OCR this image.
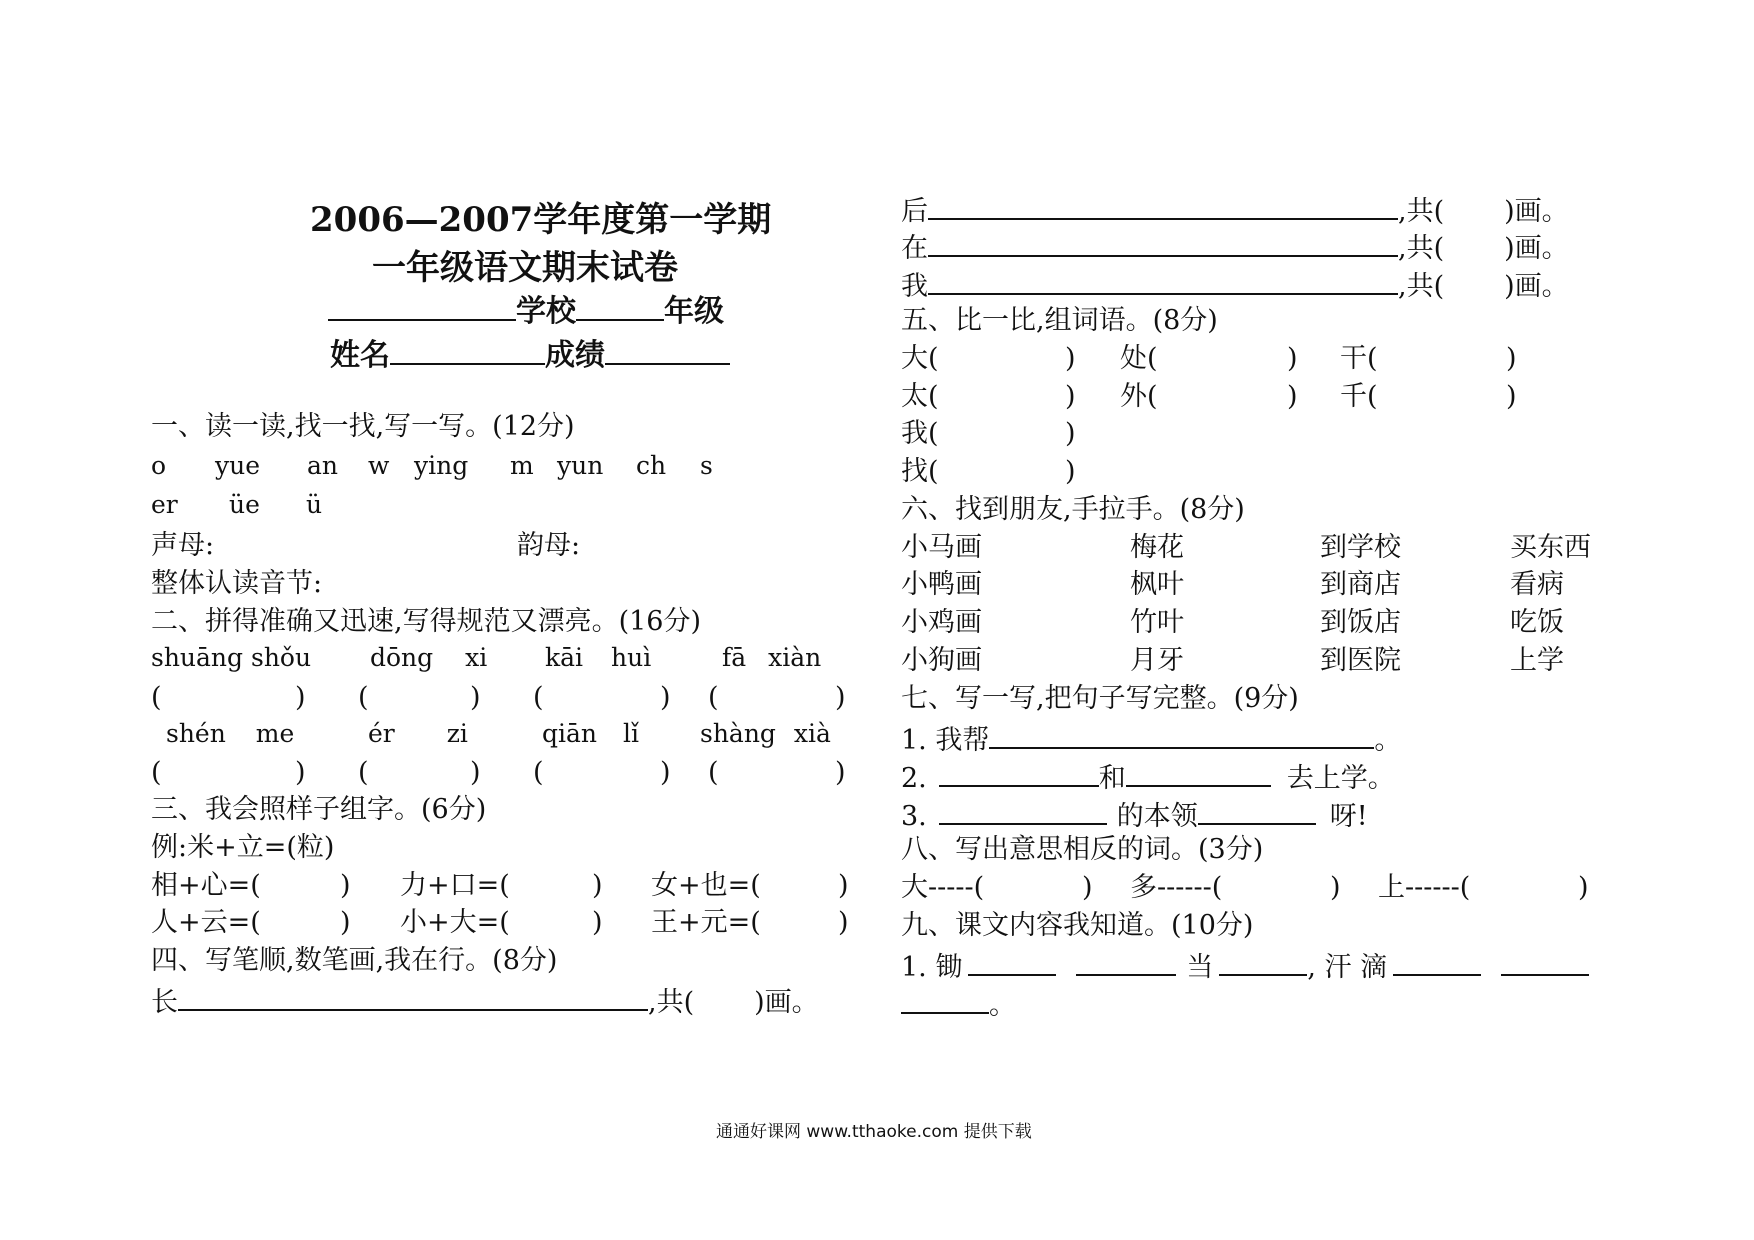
2006—2007学年度第一学期
一年级语文期末试卷
学校	年级
姓名	成绩
一、读一读,找一找,写一写。(12分)
o yue an w ying m yun ch s
er üe ü
声母:	韵母:
整体认读音节:
二、拼得准确又迅速,写得规范又漂亮。(16分)
shuāng shǒu dōng xi kāi huì	fā xiàn
(	) (	) (	) (	)
shén me	ér zi	qiān lǐ shàng xià
(	) (	) (	) (	)
三、我会照样子组字。(6分)
例:米+立=(粒)
相+心=(	) 力+口=(	) 女+也=(	)
人+云=(	) 小+大=(	) 王+元=(	)
四、写笔顺,数笔画,我在行。(8分)
长	,共( )画。
后	,共( )画。
在	,共( )画。
我	,共( )画。
五、比一比,组词语。(8分)
大(	) 处(	) 干(	)
太(	) 外(	) 千(	)
我(	)
找(	)
六、找到朋友,手拉手。(8分)
小马画	梅花	到学校	买东西
小鸭画	枫叶	到商店	看病
小鸡画	竹叶	到饭店	吃饭
小狗画	月牙	到医院	上学
七、写一写,把句子写完整。(9分)
1. 我帮	。
2.	和	去上学。
3.	的本领	呀!
八、写出意思相反的词。(3分)
大-----(	) 多------(	) 上------(	)
九、课文内容我知道。(10分)
1. 锄	当	, 汗 滴
。
通通好课网 www.tthaoke.com 提供下载
